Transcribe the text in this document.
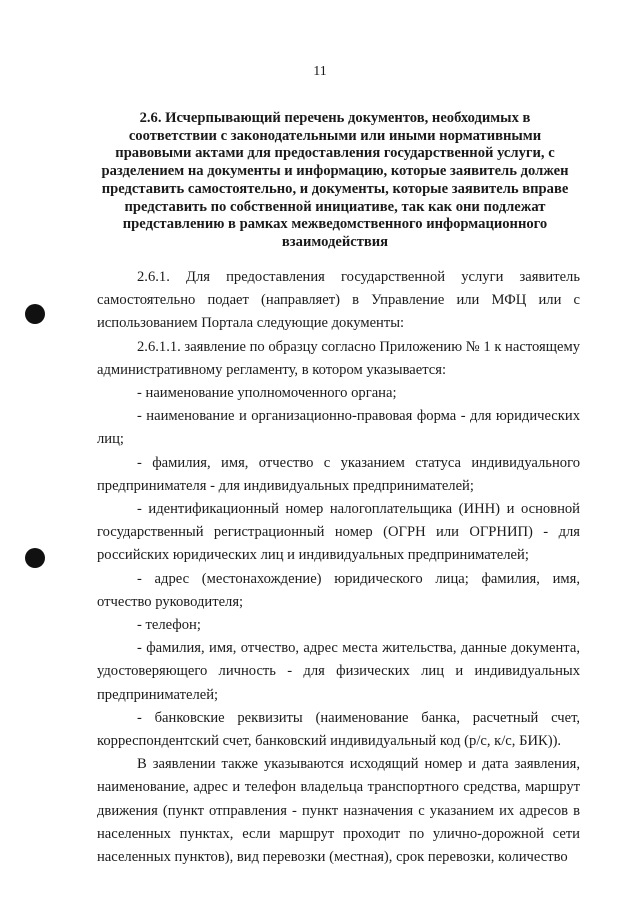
11
2.6. Исчерпывающий перечень документов, необходимых в соответствии с законодательными или иными нормативными правовыми актами для предоставления государственной услуги, с разделением на документы и информацию, которые заявитель должен представить самостоятельно, и документы, которые заявитель вправе представить по собственной инициативе, так как они подлежат представлению в рамках межведомственного информационного взаимодействия

2.6.1. Для предоставления государственной услуги заявитель самостоятельно подает (направляет) в Управление или МФЦ или с использованием Портала следующие документы:

2.6.1.1. заявление по образцу согласно Приложению № 1 к настоящему административному регламенту, в котором указывается:

- наименование уполномоченного органа;

- наименование и организационно-правовая форма - для юридических лиц;

- фамилия, имя, отчество с указанием статуса индивидуального предпринимателя - для индивидуальных предпринимателей;

- идентификационный номер налогоплательщика (ИНН) и основной государственный регистрационный номер (ОГРН или ОГРНИП) - для российских юридических лиц и индивидуальных предпринимателей;

- адрес (местонахождение) юридического лица; фамилия, имя, отчество руководителя;

- телефон;

- фамилия, имя, отчество, адрес места жительства, данные документа, удостоверяющего личность - для физических лиц и индивидуальных предпринимателей;

- банковские реквизиты (наименование банка, расчетный счет, корреспондентский счет, банковский индивидуальный код (р/с, к/с, БИК)).

В заявлении также указываются исходящий номер и дата заявления, наименование, адрес и телефон владельца транспортного средства, маршрут движения (пункт отправления - пункт назначения с указанием их адресов в населенных пунктах, если маршрут проходит по улично-дорожной сети населенных пунктов), вид перевозки (местная), срок перевозки, количество
